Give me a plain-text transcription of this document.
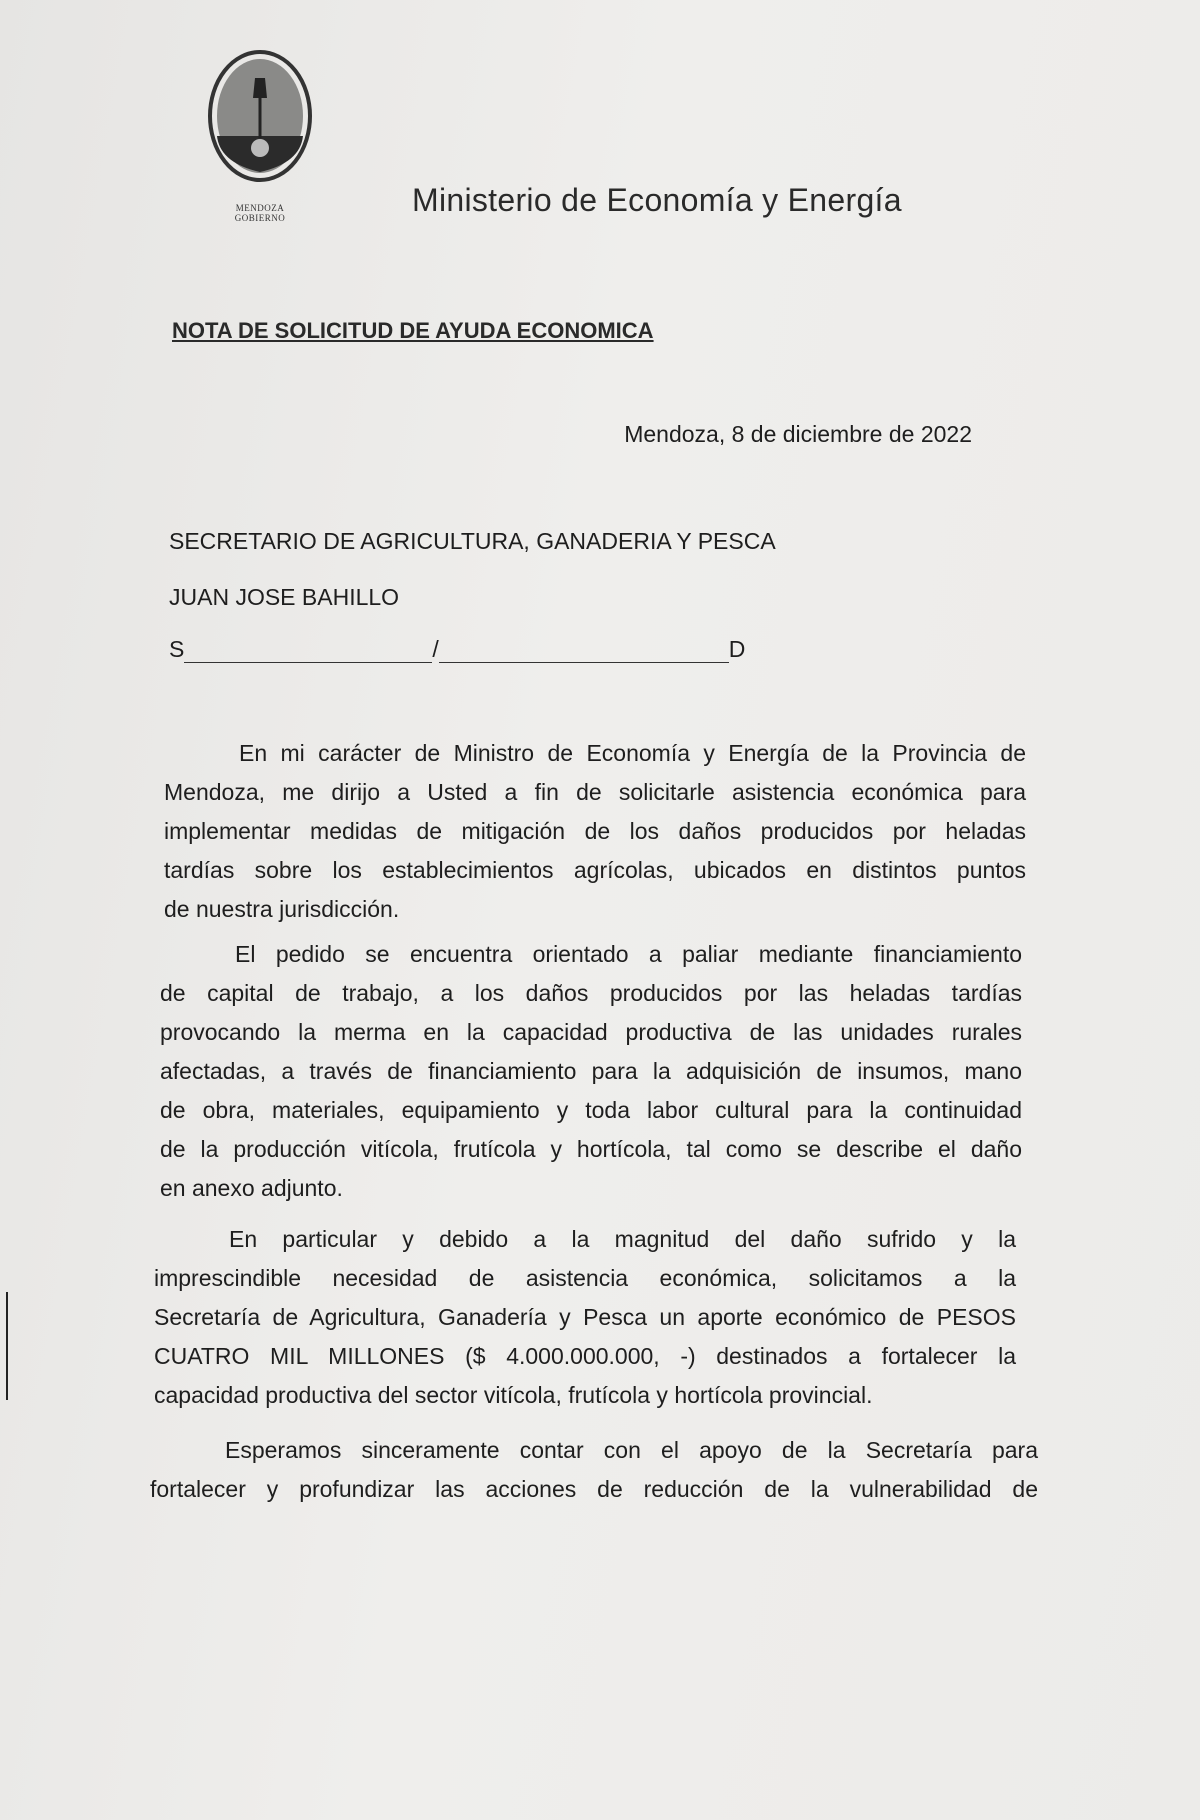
MENDOZA
GOBIERNO	Ministerio de Economía y Energía
NOTA DE SOLICITUD DE AYUDA ECONOMICA
Mendoza, 8 de diciembre de 2022
SECRETARIO DE AGRICULTURA, GANADERIA Y PESCA
JUAN JOSE BAHILLO
S	/	D
En mi carácter de Ministro de Economía y Energía de la Provincia de
Mendoza, me dirijo a Usted a fin de solicitarle asistencia económica para
implementar medidas de mitigación de los daños producidos por heladas
tardías sobre los establecimientos agrícolas, ubicados en distintos puntos
de nuestra jurisdicción.
El pedido se encuentra orientado a paliar mediante financiamiento
de capital de trabajo, a los daños producidos por las heladas tardías
provocando la merma en la capacidad productiva de las unidades rurales
afectadas, a través de financiamiento para la adquisición de insumos, mano
de obra, materiales, equipamiento y toda labor cultural para la continuidad
de la producción vitícola, frutícola y hortícola, tal como se describe el daño
en anexo adjunto.
En particular y debido a la magnitud del daño sufrido y la
imprescindible necesidad de asistencia económica, solicitamos a la
Secretaría de Agricultura, Ganadería y Pesca un aporte económico de PESOS
CUATRO MIL MILLONES ($ 4.000.000.000, -) destinados a fortalecer la
capacidad productiva del sector vitícola, frutícola y hortícola provincial.
Esperamos sinceramente contar con el apoyo de la Secretaría para
fortalecer y profundizar las acciones de reducción de la vulnerabilidad de
